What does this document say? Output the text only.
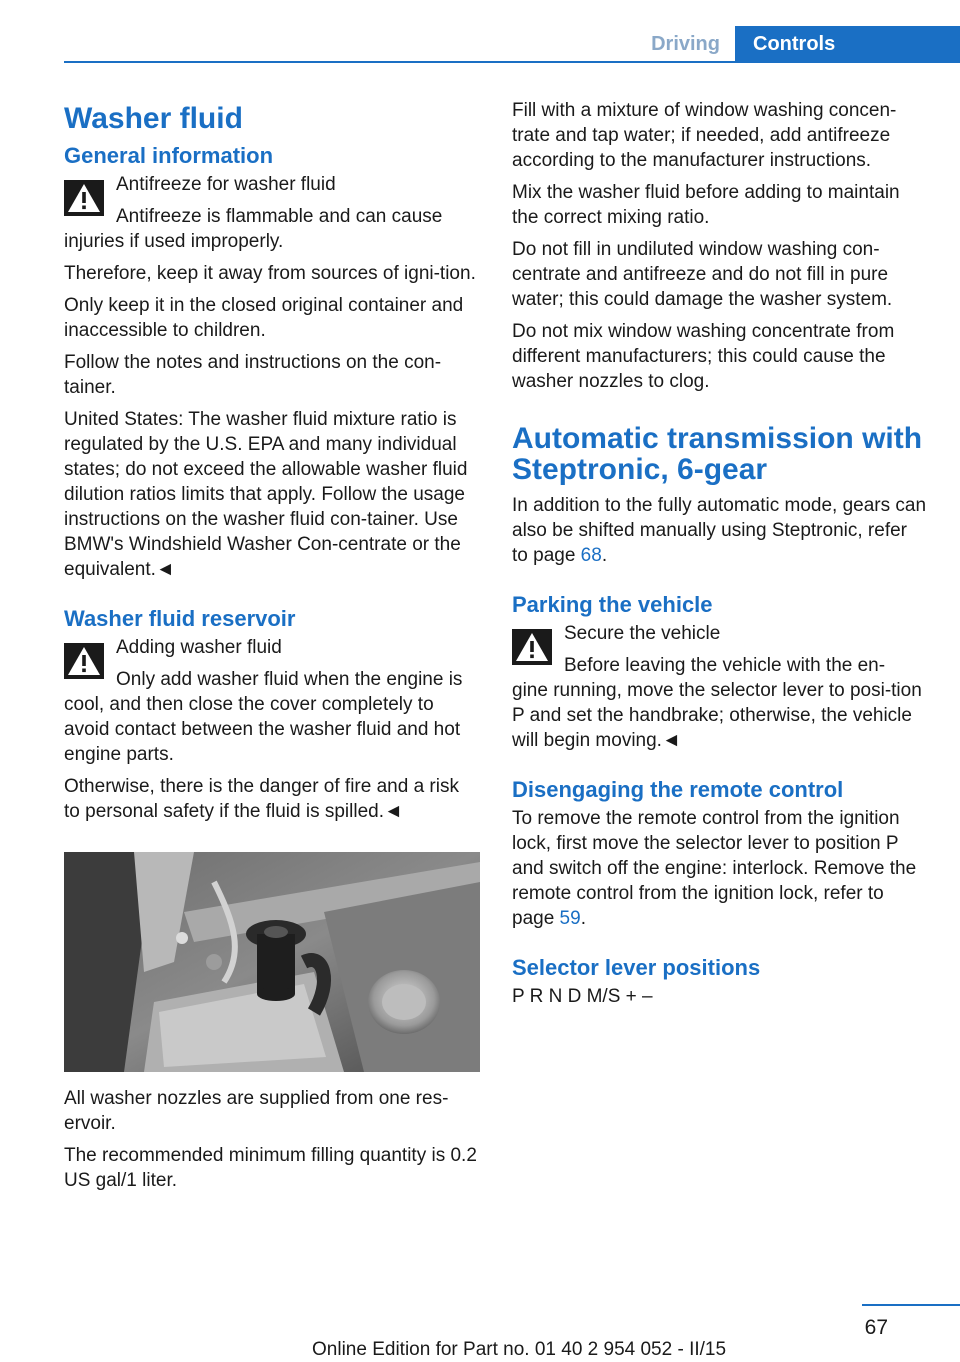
Driving	Controls
Washer fluid
General information
Antifreeze for washer fluid
Antifreeze is flammable and can cause
injuries if used improperly.

Therefore, keep it away from sources of igni‐tion.

Only keep it in the closed original container and inaccessible to children.

Follow the notes and instructions on the con‐tainer.

United States: The washer fluid mixture ratio is regulated by the U.S. EPA and many individual states; do not exceed the allowable washer fluid dilution ratios limits that apply. Follow the usage instructions on the washer fluid con‐tainer. Use BMW's Windshield Washer Con‐centrate or the equivalent.◄

Washer fluid reservoir
Adding washer fluid
Only add washer fluid when the engine is
cool, and then close the cover completely to avoid contact between the washer fluid and hot engine parts.

Otherwise, there is the danger of fire and a risk to personal safety if the fluid is spilled.◄

All washer nozzles are supplied from one res‐ervoir.

The recommended minimum filling quantity is 0.2 US gal/1 liter.

Fill with a mixture of window washing concen‐trate and tap water; if needed, add antifreeze according to the manufacturer instructions.

Mix the washer fluid before adding to maintain the correct mixing ratio.

Do not fill in undiluted window washing con‐centrate and antifreeze and do not fill in pure water; this could damage the washer system.

Do not mix window washing concentrate from different manufacturers; this could cause the washer nozzles to clog.

Automatic transmission with Steptronic, 6-gear

In addition to the fully automatic mode, gears can also be shifted manually using Steptronic, refer to page 68.

Parking the vehicle
Secure the vehicle
Before leaving the vehicle with the en‐
gine running, move the selector lever to posi‐tion P and set the handbrake; otherwise, the vehicle will begin moving.◄
Disengaging the remote control

To remove the remote control from the ignition lock, first move the selector lever to position P and switch off the engine: interlock. Remove the remote control from the ignition lock, refer to page 59.

Selector lever positions

P R N D M/S + –

67
Online Edition for Part no. 01 40 2 954 052 - II/15
